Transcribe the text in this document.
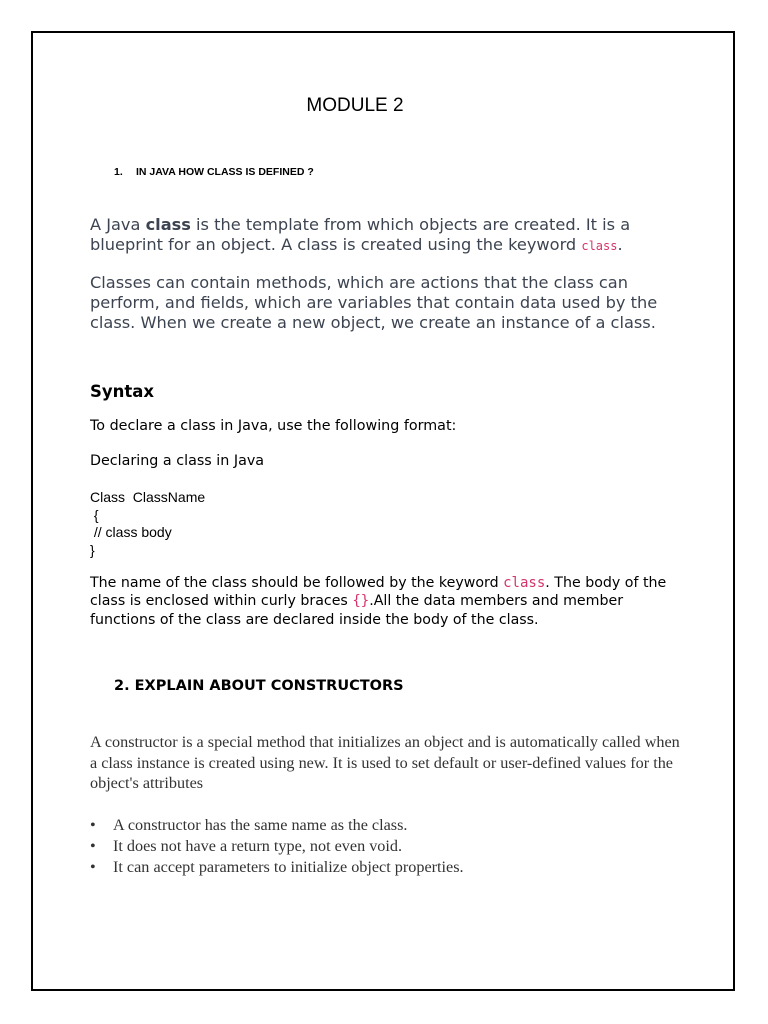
MODULE 2
1. IN JAVA HOW CLASS IS DEFINED ?

A Java class is the template from which objects are created. It is a blueprint for an object. A class is created using the keyword class.

Classes can contain methods, which are actions that the class can perform, and fields, which are variables that contain data used by the class. When we create a new object, we create an instance of a class.

Syntax

To declare a class in Java, use the following format:

Declaring a class in Java

Class  ClassName
{
// class body
}

The name of the class should be followed by the keyword class. The body of the class is enclosed within curly braces {}.All the data members and member functions of the class are declared inside the body of the class.

2. EXPLAIN ABOUT CONSTRUCTORS

A constructor is a special method that initializes an object and is automatically called when a class instance is created using new. It is used to set default or user-defined values for the object's attributes

• A constructor has the same name as the class.
• It does not have a return type, not even void.
• It can accept parameters to initialize object properties.
